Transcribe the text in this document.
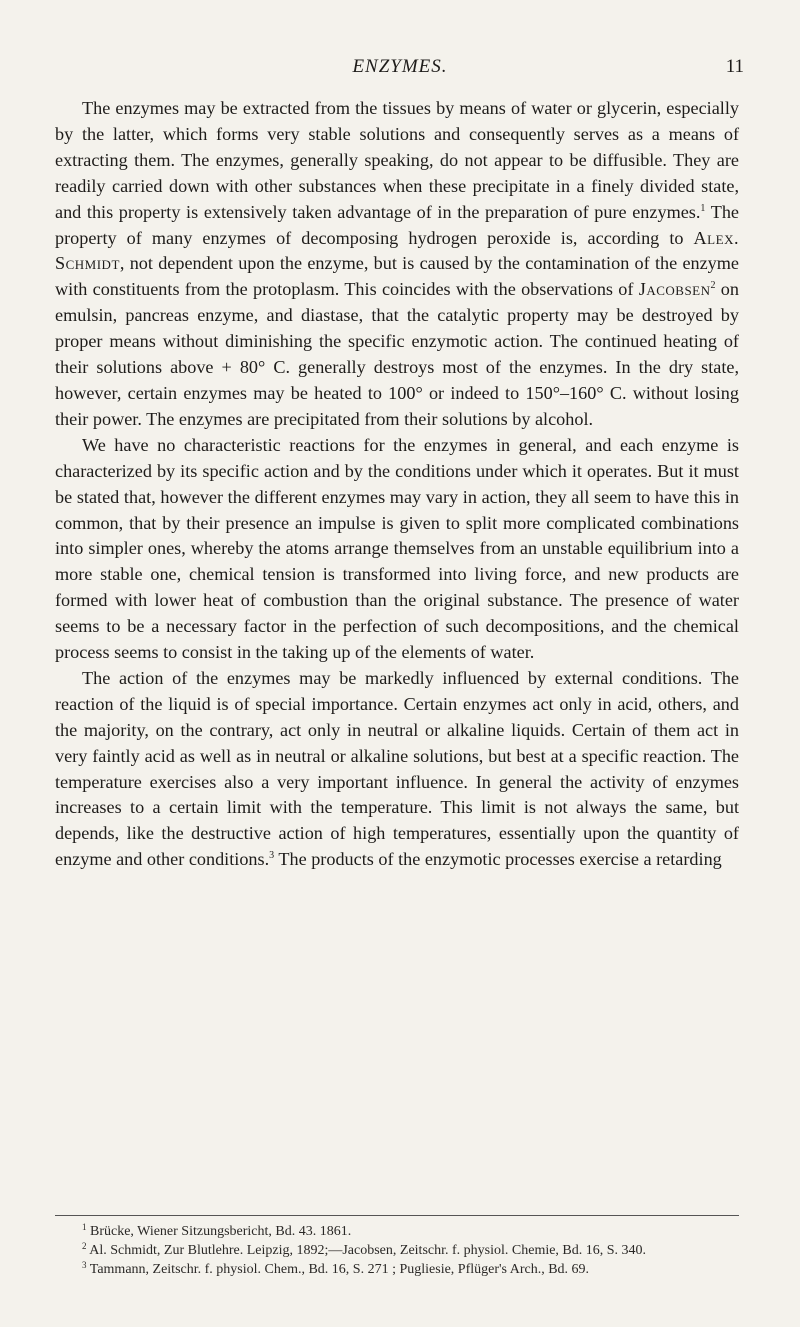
ENZYMES.	11

The enzymes may be extracted from the tissues by means of water or glycerin, especially by the latter, which forms very stable solutions and consequently serves as a means of extracting them. The enzymes, generally speaking, do not appear to be diffusible. They are readily carried down with other substances when these precipitate in a finely divided state, and this property is extensively taken advantage of in the preparation of pure enzymes.$^1$ The property of many enzymes of decomposing hydrogen peroxide is, according to Alex. Schmidt, not dependent upon the enzyme, but is caused by the contamination of the enzyme with constituents from the protoplasm. This coincides with the observations of Jacobsen$^2$ on emulsin, pancreas enzyme, and diastase, that the catalytic property may be destroyed by proper means without diminishing the specific enzymotic action. The continued heating of their solutions above + 80° C. generally destroys most of the enzymes. In the dry state, however, certain enzymes may be heated to 100° or indeed to 150°–160° C. without losing their power. The enzymes are precipitated from their solutions by alcohol.

We have no characteristic reactions for the enzymes in general, and each enzyme is characterized by its specific action and by the conditions under which it operates. But it must be stated that, however the different enzymes may vary in action, they all seem to have this in common, that by their presence an impulse is given to split more complicated combinations into simpler ones, whereby the atoms arrange themselves from an unstable equilibrium into a more stable one, chemical tension is transformed into living force, and new products are formed with lower heat of combustion than the original substance. The presence of water seems to be a necessary factor in the perfection of such decompositions, and the chemical process seems to consist in the taking up of the elements of water.

The action of the enzymes may be markedly influenced by external conditions. The reaction of the liquid is of special importance. Certain enzymes act only in acid, others, and the majority, on the contrary, act only in neutral or alkaline liquids. Certain of them act in very faintly acid as well as in neutral or alkaline solutions, but best at a specific reaction. The temperature exercises also a very important influence. In general the activity of enzymes increases to a certain limit with the temperature. This limit is not always the same, but depends, like the destructive action of high temperatures, essentially upon the quantity of enzyme and other conditions.$^3$ The products of the enzymotic processes exercise a retarding

$^1$ Brücke, Wiener Sitzungsbericht, Bd. 43. 1861.

$^2$ Al. Schmidt, Zur Blutlehre. Leipzig, 1892;—Jacobsen, Zeitschr. f. physiol. Chemie, Bd. 16, S. 340.

$^3$ Tammann, Zeitschr. f. physiol. Chem., Bd. 16, S. 271 ; Pugliesie, Pflüger's Arch., Bd. 69.
